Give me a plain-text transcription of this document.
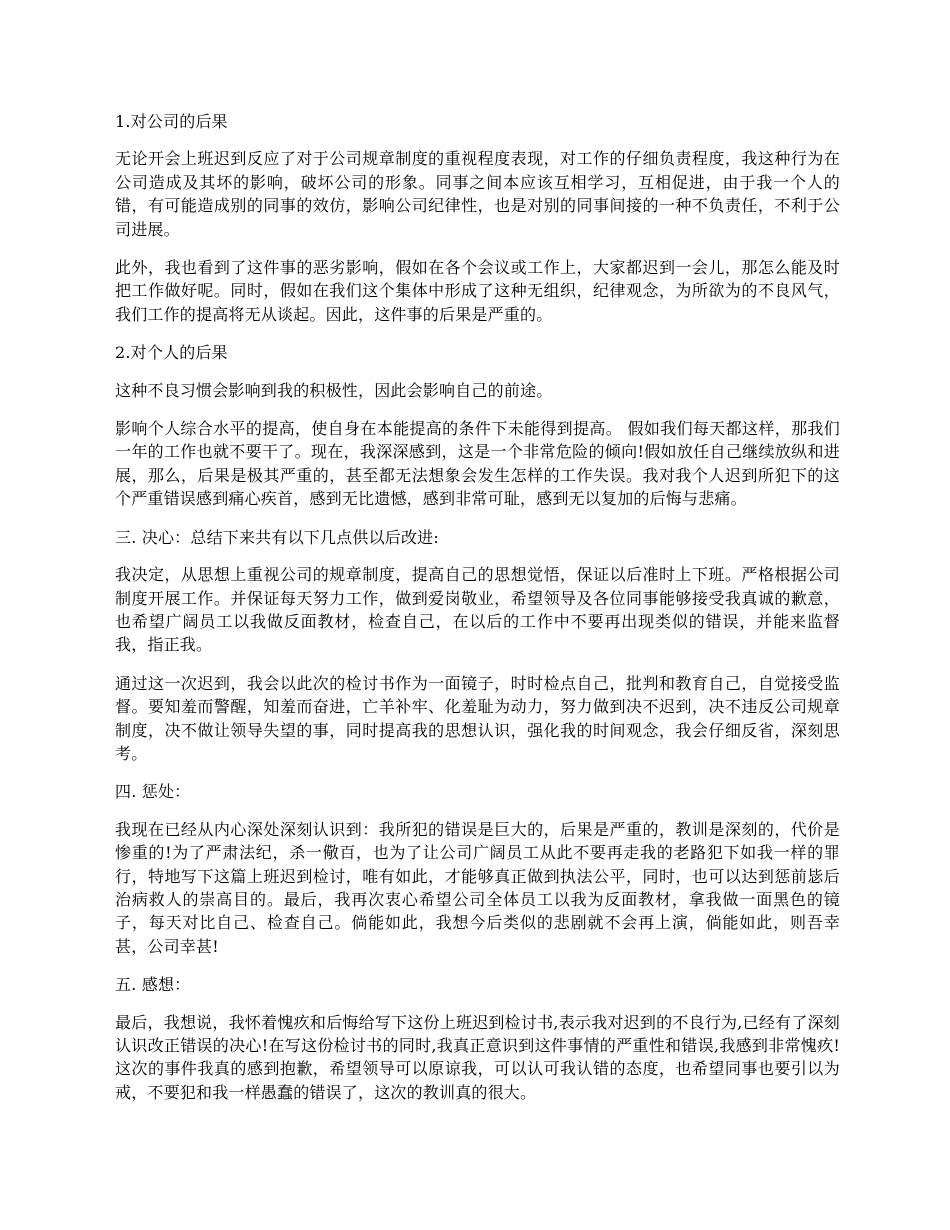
1.对公司的后果

无论开会上班迟到反应了对于公司规章制度的重视程度表现，对工作的仔细负责程度，我这种行为在公司造成及其坏的影响，破坏公司的形象。同事之间本应该互相学习，互相促进，由于我一个人的错，有可能造成别的同事的效仿，影响公司纪律性，也是对别的同事间接的一种不负责任，不利于公司进展。

此外，我也看到了这件事的恶劣影响，假如在各个会议或工作上，大家都迟到一会儿，那怎么能及时把工作做好呢。同时，假如在我们这个集体中形成了这种无组织，纪律观念，为所欲为的不良风气，我们工作的提高将无从谈起。因此，这件事的后果是严重的。

2.对个人的后果

这种不良习惯会影响到我的积极性，因此会影响自己的前途。

影响个人综合水平的提高，使自身在本能提高的条件下未能得到提高。 假如我们每天都这样，那我们一年的工作也就不要干了。现在，我深深感到，这是一个非常危险的倾向!假如放任自己继续放纵和进展，那么，后果是极其严重的，甚至都无法想象会发生怎样的工作失误。我对我个人迟到所犯下的这个严重错误感到痛心疾首，感到无比遗憾，感到非常可耻，感到无以复加的后悔与悲痛。

三. 决心：总结下来共有以下几点供以后改进:

我决定，从思想上重视公司的规章制度，提高自己的思想觉悟，保证以后准时上下班。严格根据公司制度开展工作。并保证每天努力工作，做到爱岗敬业，希望领导及各位同事能够接受我真诚的歉意，也希望广阔员工以我做反面教材，检查自己，在以后的工作中不要再出现类似的错误，并能来监督我，指正我。

通过这一次迟到，我会以此次的检讨书作为一面镜子，时时检点自己，批判和教育自己，自觉接受监督。要知羞而警醒，知羞而奋进，亡羊补牢、化羞耻为动力，努力做到决不迟到，决不违反公司规章制度，决不做让领导失望的事，同时提高我的思想认识，强化我的时间观念，我会仔细反省，深刻思考。

四. 惩处：

我现在已经从内心深处深刻认识到：我所犯的错误是巨大的，后果是严重的，教训是深刻的，代价是惨重的!为了严肃法纪，杀一儆百，也为了让公司广阔员工从此不要再走我的老路犯下如我一样的罪行，特地写下这篇上班迟到检讨，唯有如此，才能够真正做到执法公平，同时，也可以达到惩前毖后治病救人的崇高目的。最后，我再次衷心希望公司全体员工以我为反面教材，拿我做一面黑色的镜子，每天对比自己、检查自己。倘能如此，我想今后类似的悲剧就不会再上演，倘能如此，则吾幸甚，公司幸甚!

五. 感想：

最后，我想说，我怀着愧疚和后悔给写下这份上班迟到检讨书,表示我对迟到的不良行为,已经有了深刻认识改正错误的决心!在写这份检讨书的同时,我真正意识到这件事情的严重性和错误,我感到非常愧疚!这次的事件我真的感到抱歉，希望领导可以原谅我，可以认可我认错的态度，也希望同事也要引以为戒，不要犯和我一样愚蠢的错误了，这次的教训真的很大。
